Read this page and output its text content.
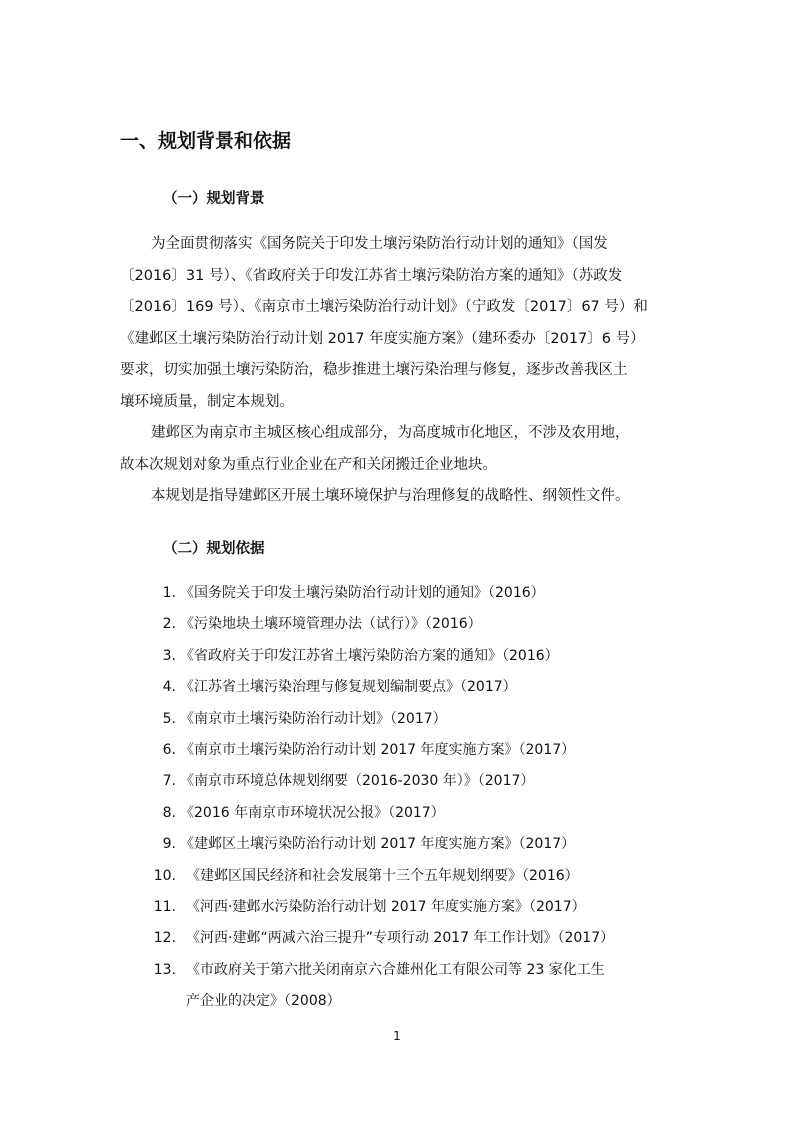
一、规划背景和依据
（一）规划背景
为全面贯彻落实《国务院关于印发土壤污染防治行动计划的通知》（国发
〔2016〕31 号）、《省政府关于印发江苏省土壤污染防治方案的通知》（苏政发
〔2016〕169 号）、《南京市土壤污染防治行动计划》（宁政发〔2017〕67 号）和
《建邺区土壤污染防治行动计划 2017 年度实施方案》（建环委办〔2017〕6 号）
要求，切实加强土壤污染防治，稳步推进土壤污染治理与修复，逐步改善我区土
壤环境质量，制定本规划。
建邺区为南京市主城区核心组成部分，为高度城市化地区，不涉及农用地，
故本次规划对象为重点行业企业在产和关闭搬迁企业地块。
本规划是指导建邺区开展土壤环境保护与治理修复的战略性、纲领性文件。
（二）规划依据
1. 《国务院关于印发土壤污染防治行动计划的通知》（2016）
2. 《污染地块土壤环境管理办法（试行）》（2016）
3. 《省政府关于印发江苏省土壤污染防治方案的通知》（2016）
4. 《江苏省土壤污染治理与修复规划编制要点》（2017）
5. 《南京市土壤污染防治行动计划》（2017）
6. 《南京市土壤污染防治行动计划 2017 年度实施方案》（2017）
7. 《南京市环境总体规划纲要（2016-2030 年）》（2017）
8. 《2016 年南京市环境状况公报》（2017）
9. 《建邺区土壤污染防治行动计划 2017 年度实施方案》（2017）
10. 《建邺区国民经济和社会发展第十三个五年规划纲要》（2016）
11. 《河西·建邺水污染防治行动计划 2017 年度实施方案》（2017）
12. 《河西·建邺“两减六治三提升”专项行动 2017 年工作计划》（2017）
13. 《市政府关于第六批关闭南京六合雄州化工有限公司等 23 家化工生
产企业的决定》（2008）
1
